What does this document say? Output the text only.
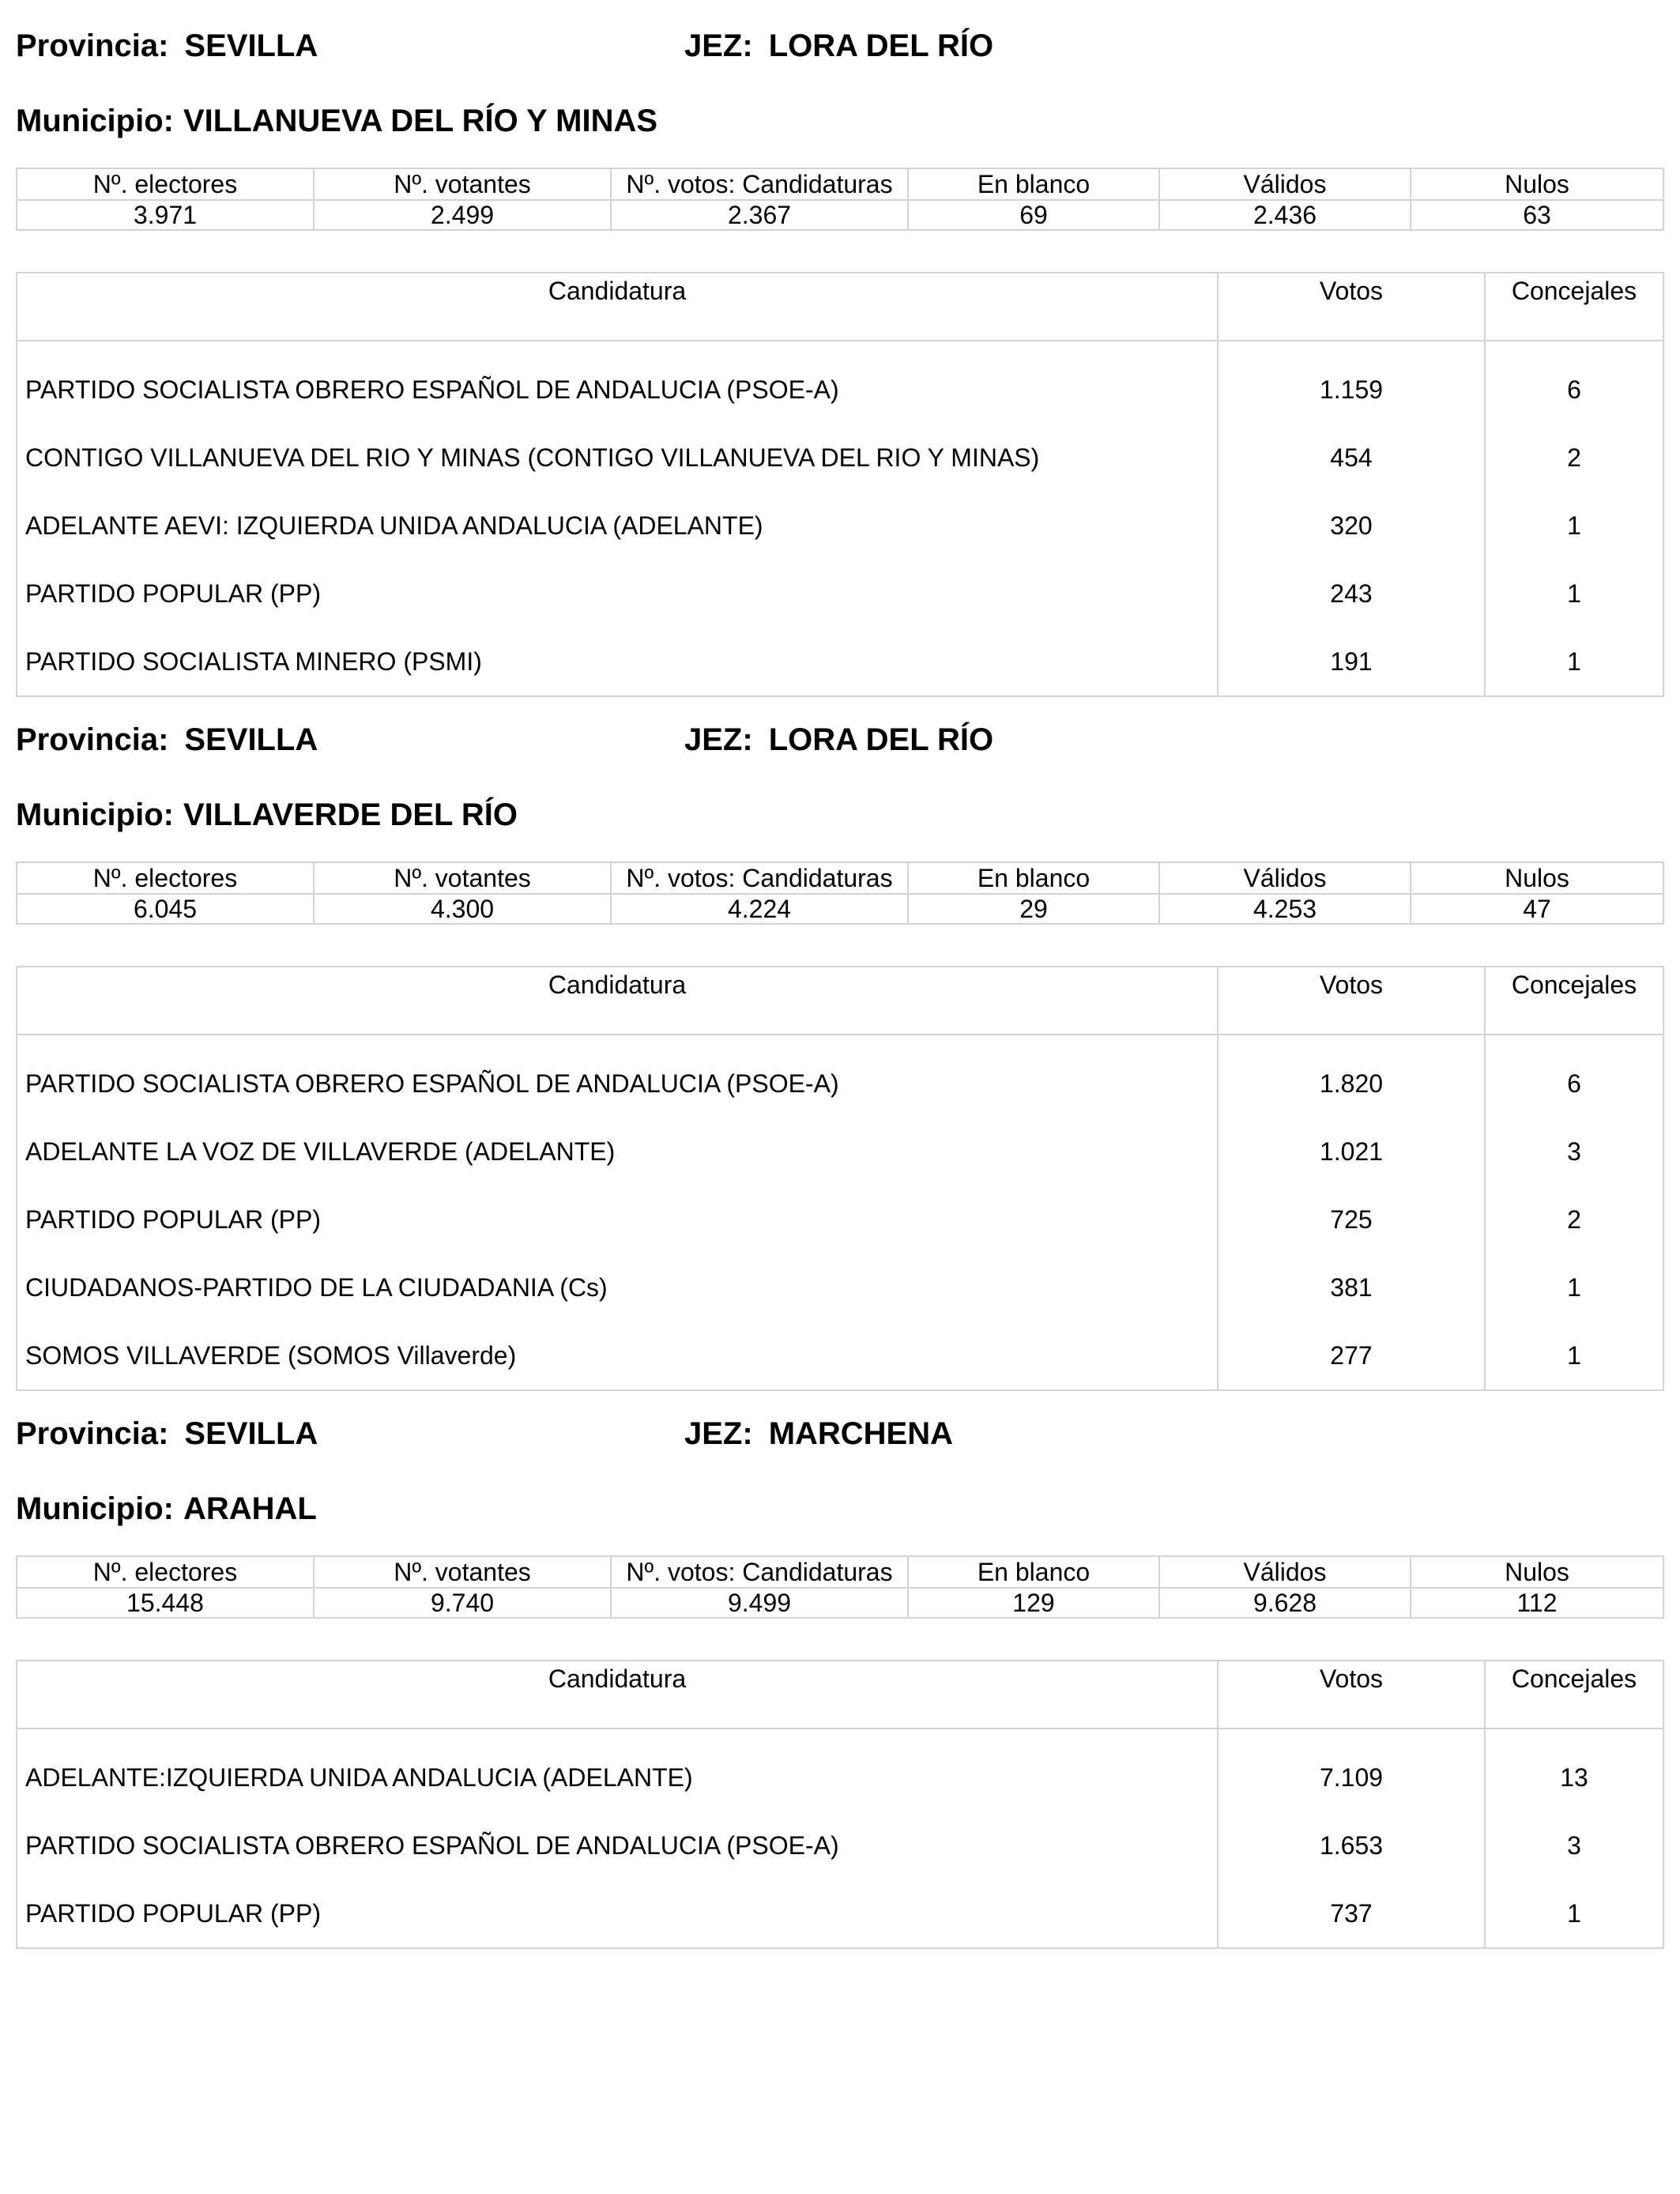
Provincia: SEVILLA	JEZ: LORA DEL RÍO
Municipio: VILLANUEVA DEL RÍO Y MINAS
Nº. electores	Nº. votantes	Nº. votos: Candidaturas	En blanco	Válidos	Nulos
3.971	2.499	2.367	69	2.436	63
Candidatura	Votos	Concejales

PARTIDO SOCIALISTA OBRERO ESPAÑOL DE ANDALUCIA (PSOE-A)	1.159	6
CONTIGO VILLANUEVA DEL RIO Y MINAS (CONTIGO VILLANUEVA DEL RIO Y MINAS)	454	2
ADELANTE AEVI: IZQUIERDA UNIDA ANDALUCIA (ADELANTE)	320	1
PARTIDO POPULAR (PP)	243	1
PARTIDO SOCIALISTA MINERO (PSMI)	191	1
Provincia: SEVILLA	JEZ: LORA DEL RÍO
Municipio: VILLAVERDE DEL RÍO
Nº. electores	Nº. votantes	Nº. votos: Candidaturas	En blanco	Válidos	Nulos
6.045	4.300	4.224	29	4.253	47
Candidatura	Votos	Concejales

PARTIDO SOCIALISTA OBRERO ESPAÑOL DE ANDALUCIA (PSOE-A)	1.820	6
ADELANTE LA VOZ DE VILLAVERDE (ADELANTE)	1.021	3
PARTIDO POPULAR (PP)	725	2
CIUDADANOS-PARTIDO DE LA CIUDADANIA (Cs)	381	1
SOMOS VILLAVERDE (SOMOS Villaverde)	277	1
Provincia: SEVILLA	JEZ: MARCHENA
Municipio: ARAHAL
Nº. electores	Nº. votantes	Nº. votos: Candidaturas	En blanco	Válidos	Nulos
15.448	9.740	9.499	129	9.628	112
Candidatura	Votos	Concejales

ADELANTE:IZQUIERDA UNIDA ANDALUCIA (ADELANTE)	7.109	13
PARTIDO SOCIALISTA OBRERO ESPAÑOL DE ANDALUCIA (PSOE-A)	1.653	3
PARTIDO POPULAR (PP)	737	1
